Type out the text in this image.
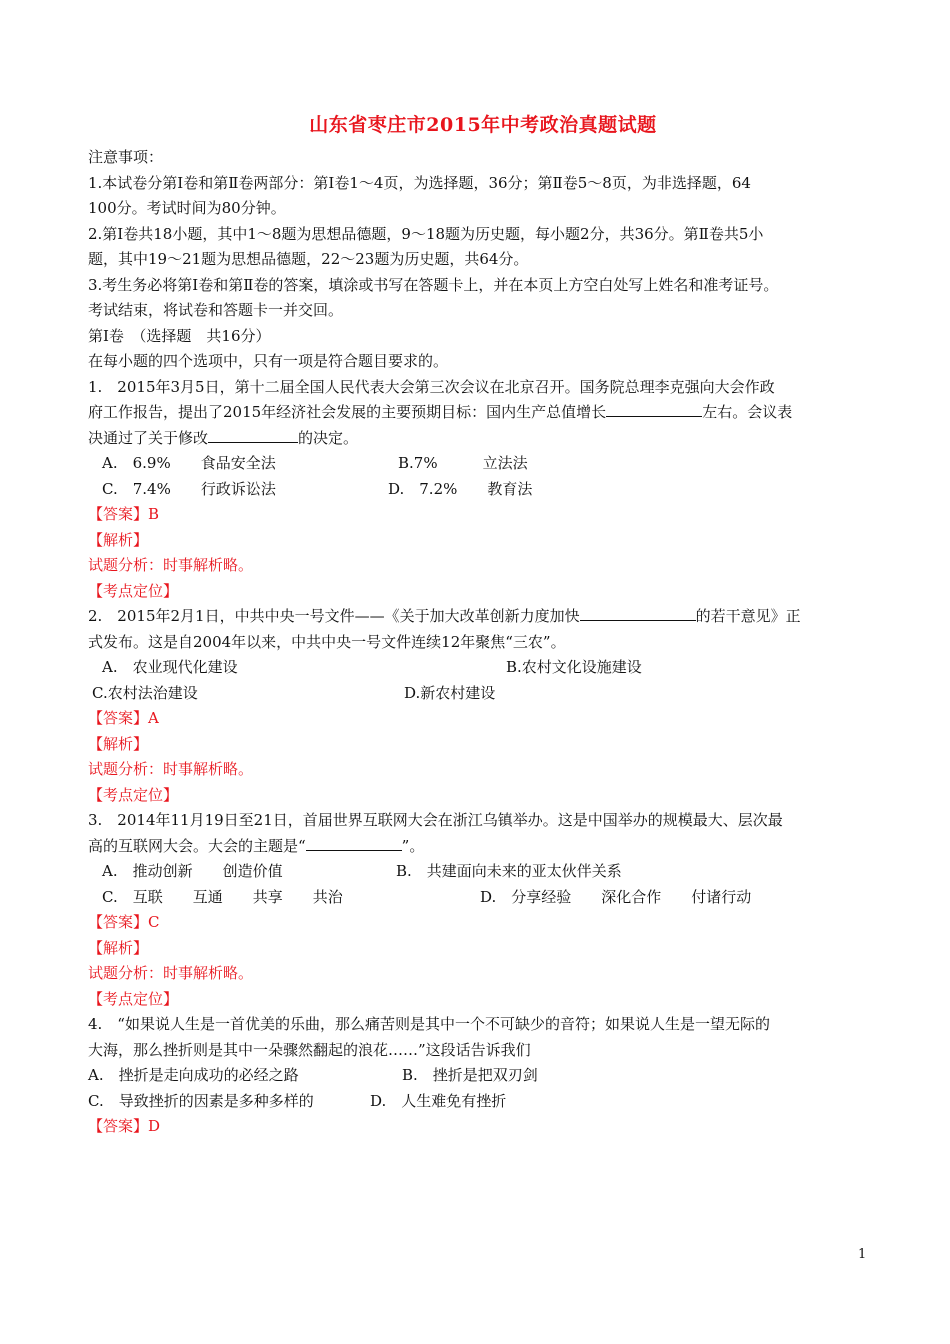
山东省枣庄市2015年中考政治真题试题

注意事项：

1.本试卷分第Ⅰ卷和第Ⅱ卷两部分：第Ⅰ卷1～4页，为选择题，36分；第Ⅱ卷5～8页，为非选择题，64

100分。考试时间为80分钟。

2.第Ⅰ卷共18小题，其中1～8题为思想品德题，9～18题为历史题，每小题2分，共36分。第Ⅱ卷共5小

题，其中19～21题为思想品德题，22～23题为历史题，共64分。

3.考生务必将第Ⅰ卷和第Ⅱ卷的答案，填涂或书写在答题卡上，并在本页上方空白处写上姓名和准考证号。

考试结束，将试卷和答题卡一并交回。

第Ⅰ卷　（选择题　共16分）

在每小题的四个选项中，只有一项是符合题目要求的。

1.　2015年3月5日，第十二届全国人民代表大会第三次会议在北京召开。国务院总理李克强向大会作政

府工作报告，提出了2015年经济社会发展的主要预期目标：国内生产总值增长	左右。会议表

决通过了关于修改	的决定。

A.　6.9%　　食品安全法	B.7%　　　立法法
C.　7.4%　　行政诉讼法	D.　7.2%　　教育法

【答案】B

【解析】

试题分析：时事解析略。

【考点定位】

2.　2015年2月1日，中共中央一号文件——《关于加大改革创新力度加快	的若干意见》正

式发布。这是自2004年以来，中共中央一号文件连续12年聚焦“三农”。

A.　农业现代化建设	B.农村文化设施建设
C.农村法治建设	D.新农村建设

【答案】A

【解析】

试题分析：时事解析略。

【考点定位】

3.　2014年11月19日至21日，首届世界互联网大会在浙江乌镇举办。这是中国举办的规模最大、层次最

高的互联网大会。大会的主题是“	”。

A.　推动创新　　创造价值	B.　共建面向未来的亚太伙伴关系
C.　互联　　互通　　共享　　共治	D.　分享经验　　深化合作　　付诸行动

【答案】C

【解析】

试题分析：时事解析略。

【考点定位】

4.　“如果说人生是一首优美的乐曲，那么痛苦则是其中一个不可缺少的音符；如果说人生是一望无际的

大海，那么挫折则是其中一朵骤然翻起的浪花……”这段话告诉我们

A.　挫折是走向成功的必经之路	B.　挫折是把双刃剑
C.　导致挫折的因素是多种多样的	D.　人生难免有挫折

【答案】D

1
